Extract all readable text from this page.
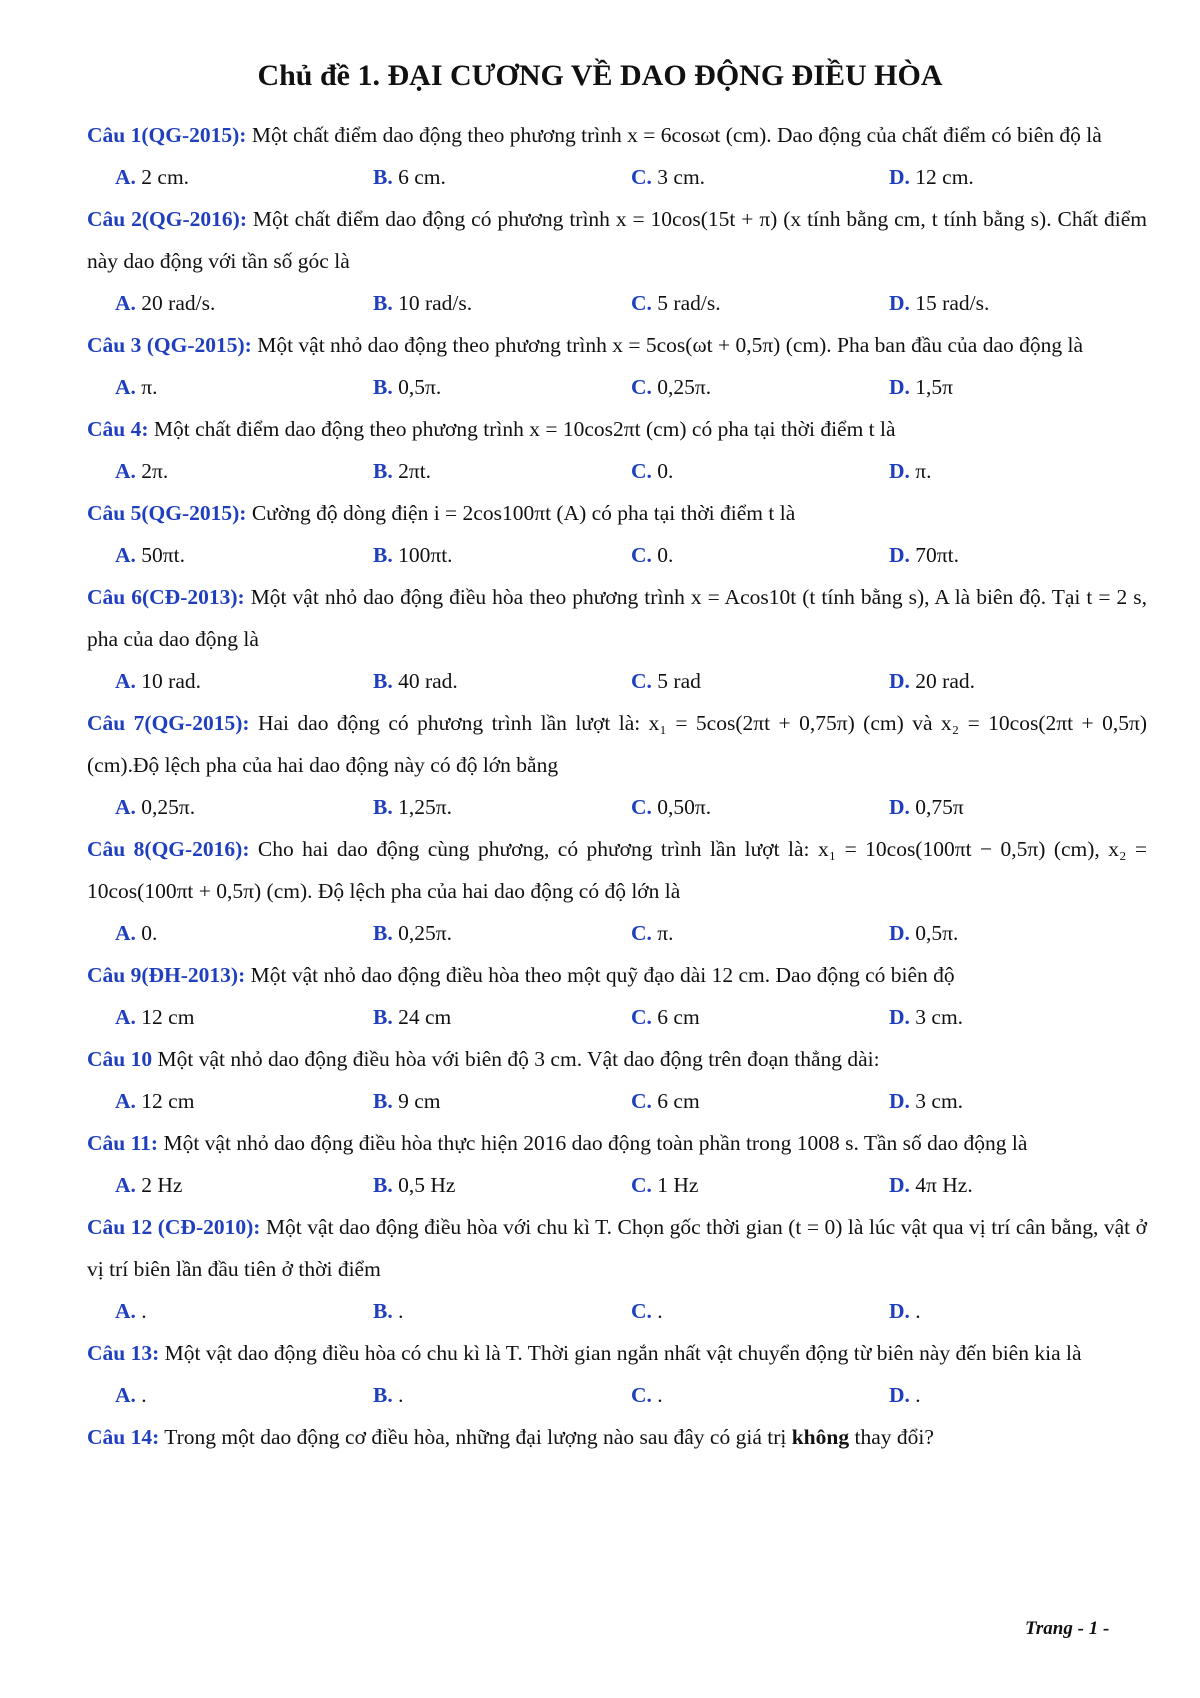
Chủ đề 1. ĐẠI CƯƠNG VỀ DAO ĐỘNG ĐIỀU HÒA

Câu 1(QG-2015): Một chất điểm dao động theo phương trình x = 6cosωt (cm). Dao động của chất điểm có biên độ là

A. 2 cm.	B. 6 cm.	C. 3 cm.	D. 12 cm.

Câu 2(QG-2016): Một chất điểm dao động có phương trình x = 10cos(15t + π) (x tính bằng cm, t tính bằng s). Chất điểm này dao động với tần số góc là

A. 20 rad/s.	B. 10 rad/s.	C. 5 rad/s.	D. 15 rad/s.

Câu 3 (QG-2015): Một vật nhỏ dao động theo phương trình x = 5cos(ωt + 0,5π) (cm). Pha ban đầu của dao động là

A. π.	B. 0,5π.	C. 0,25π.	D. 1,5π

Câu 4: Một chất điểm dao động theo phương trình x = 10cos2πt (cm) có pha tại thời điểm t là

A. 2π.	B. 2πt.	C. 0.	D. π.

Câu 5(QG-2015): Cường độ dòng điện i = 2cos100πt (A) có pha tại thời điểm t là

A. 50πt.	B. 100πt.	C. 0.	D. 70πt.

Câu 6(CĐ-2013): Một vật nhỏ dao động điều hòa theo phương trình x = Acos10t (t tính bằng s), A là biên độ. Tại t = 2 s, pha của dao động là

A. 10 rad.	B. 40 rad.	C. 5 rad	D. 20 rad.

Câu 7(QG-2015): Hai dao động có phương trình lần lượt là: x₁ = 5cos(2πt + 0,75π) (cm) và x₂ = 10cos(2πt + 0,5π) (cm).Độ lệch pha của hai dao động này có độ lớn bằng

A. 0,25π.	B. 1,25π.	C. 0,50π.	D. 0,75π

Câu 8(QG-2016): Cho hai dao động cùng phương, có phương trình lần lượt là: x₁ = 10cos(100πt − 0,5π) (cm), x₂ = 10cos(100πt + 0,5π) (cm). Độ lệch pha của hai dao động có độ lớn là

A. 0.	B. 0,25π.	C. π.	D. 0,5π.

Câu 9(ĐH-2013): Một vật nhỏ dao động điều hòa theo một quỹ đạo dài 12 cm. Dao động có biên độ

A. 12 cm	B. 24 cm	C. 6 cm	D. 3 cm.

Câu 10 Một vật nhỏ dao động điều hòa với biên độ 3 cm. Vật dao động trên đoạn thẳng dài:

A. 12 cm	B. 9 cm	C. 6 cm	D. 3 cm.

Câu 11: Một vật nhỏ dao động điều hòa thực hiện 2016 dao động toàn phần trong 1008 s. Tần số dao động là

A. 2 Hz	B. 0,5 Hz	C. 1 Hz	D. 4π Hz.

Câu 12 (CĐ-2010): Một vật dao động điều hòa với chu kì T. Chọn gốc thời gian (t = 0) là lúc vật qua vị trí cân bằng, vật ở vị trí biên lần đầu tiên ở thời điểm

A. .	B. .	C. .	D. .

Câu 13: Một vật dao động điều hòa có chu kì là T. Thời gian ngắn nhất vật chuyển động từ biên này đến biên kia là

A. .	B. .	C. .	D. .

Câu 14: Trong một dao động cơ điều hòa, những đại lượng nào sau đây có giá trị không thay đổi?

Trang - 1 -
